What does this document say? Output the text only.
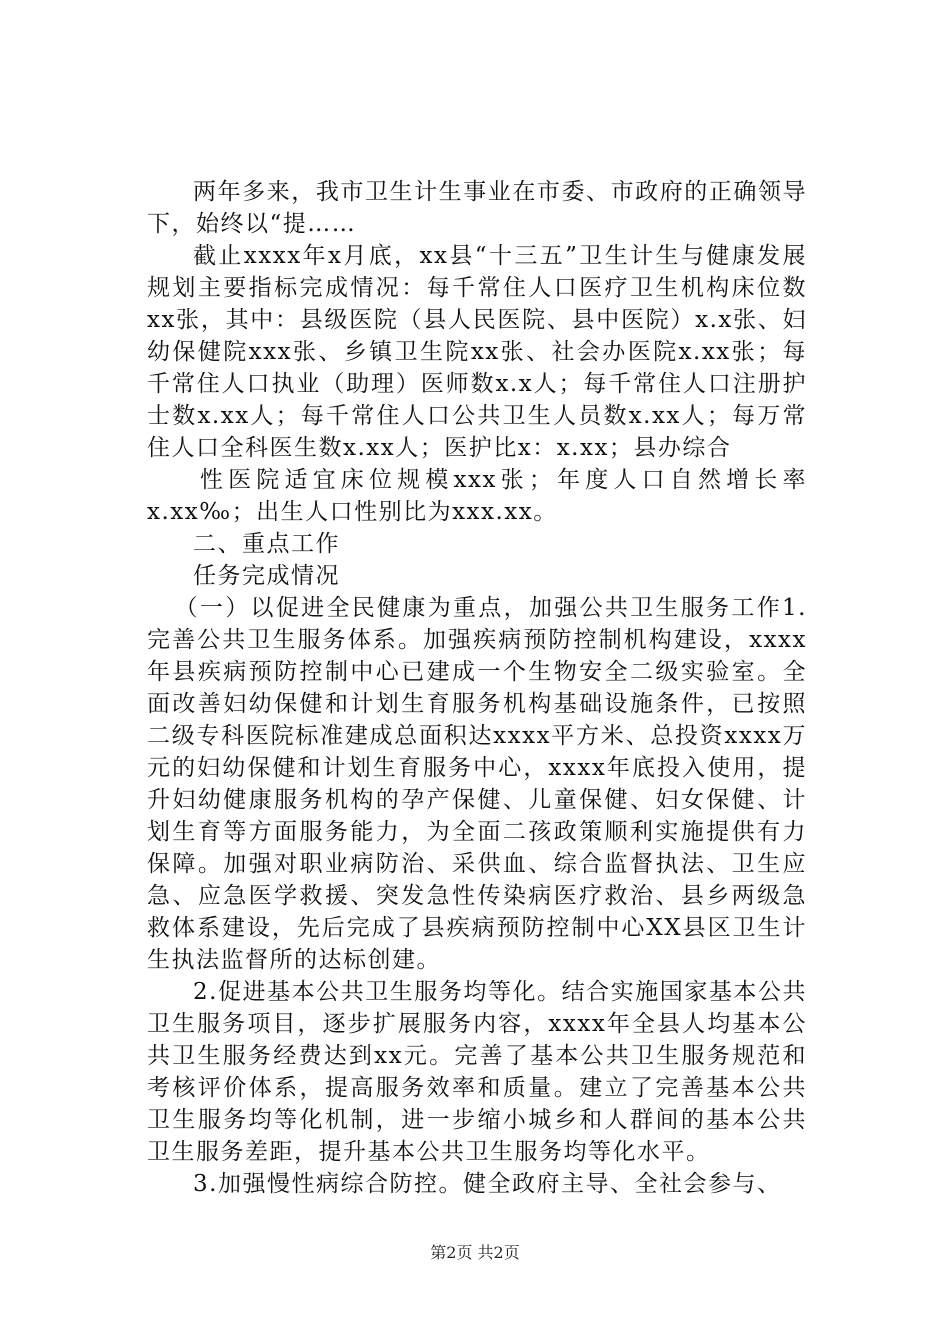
两年多来，我市卫生计生事业在市委、市政府的正确领导下，始终以“提……

截止xxxx年x月底，xx县“十三五”卫生计生与健康发展规划主要指标完成情况：每千常住人口医疗卫生机构床位数xx张，其中：县级医院（县人民医院、县中医院）x.x张、妇幼保健院xxx张、乡镇卫生院xx张、社会办医院x.xx张；每千常住人口执业（助理）医师数x.x人；每千常住人口注册护士数x.xx人；每千常住人口公共卫生人员数x.xx人；每万常住人口全科医生数x.xx人；医护比x：x.xx；县办综合

性医院适宜床位规模xxx张；年度人口自然增长率x.xx‰；出生人口性别比为xxx.xx。

二、重点工作

任务完成情况

（一）以促进全民健康为重点，加强公共卫生服务工作1.完善公共卫生服务体系。加强疾病预防控制机构建设，xxxx年县疾病预防控制中心已建成一个生物安全二级实验室。全面改善妇幼保健和计划生育服务机构基础设施条件，已按照二级专科医院标准建成总面积达xxxx平方米、总投资xxxx万元的妇幼保健和计划生育服务中心，xxxx年底投入使用，提升妇幼健康服务机构的孕产保健、儿童保健、妇女保健、计划生育等方面服务能力，为全面二孩政策顺利实施提供有力保障。加强对职业病防治、采供血、综合监督执法、卫生应急、应急医学救援、突发急性传染病医疗救治、县乡两级急救体系建设，先后完成了县疾病预防控制中心XX县区卫生计生执法监督所的达标创建。

2.促进基本公共卫生服务均等化。结合实施国家基本公共卫生服务项目，逐步扩展服务内容，xxxx年全县人均基本公共卫生服务经费达到xx元。完善了基本公共卫生服务规范和考核评价体系，提高服务效率和质量。建立了完善基本公共卫生服务均等化机制，进一步缩小城乡和人群间的基本公共卫生服务差距，提升基本公共卫生服务均等化水平。

3.加强慢性病综合防控。健全政府主导、全社会参与、

第2页 共2页
